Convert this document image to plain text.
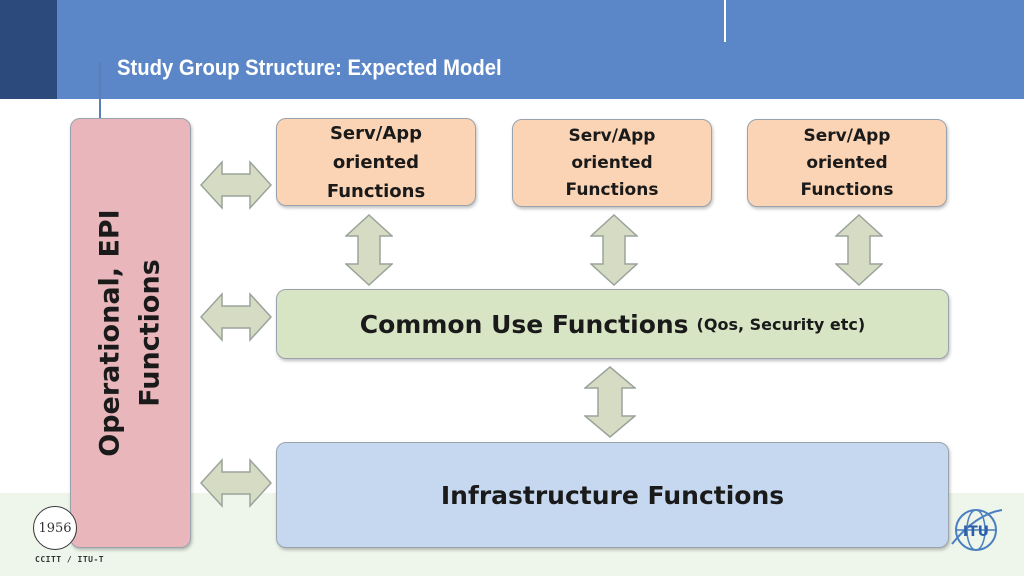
Study Group Structure: Expected Model
Operational, EPI Functions
Serv/App
oriented
Functions
Serv/App
oriented
Functions
Serv/App
oriented
Functions
Common Use Functions (Qos, Security etc)
Infrastructure Functions
1956
CCITT / ITU-T
ITU
